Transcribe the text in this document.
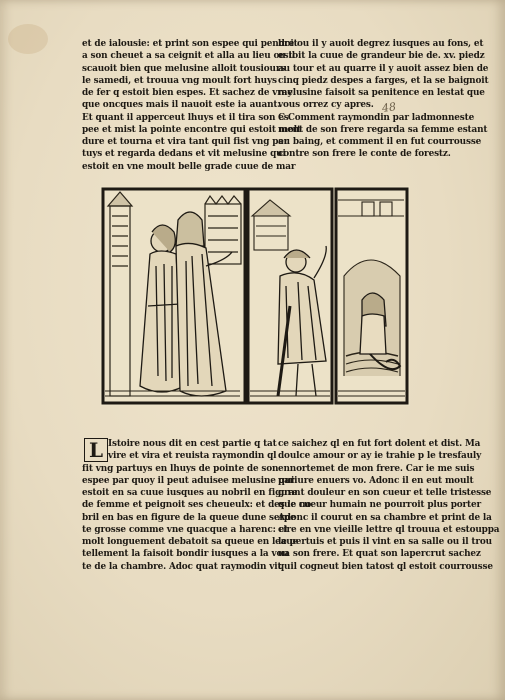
et de ialousie: et print son espee qui pendoit
a son cheuet a sa ceignit et alla au lieu ou il
scauoit bien que melusine alloit tousiours
le samedi, et trouua vng moult fort huys
de fer q estoit bien espes. Et sachez de vray
que oncques mais il nauoit este ia auant.
Et quant il apperceut lhuys et il tira son es
pee et mist la pointe encontre qui estoit molt
dure et tourna et vira tant quil fist vng per
tuys et regarda dedans et vit melusine qui
estoit en vne moult belle grade cuue de mar
bre ou il y auoit degrez iusques au fons, et
estoit la cuue de grandeur bie de. xv. piedz
au tour et au quarre il y auoit assez bien de
cinq piedz despes a farges, et la se baignoit
melusine faisoit sa penitence en lestat que
vous orrez cy apres.
C Comment raymondin par ladmonneste
ment de son frere regarda sa femme estant
au baing, et comment il en fut courrousse
contre son frere le conte de forestz.
48
L Istoire nous dit en cest partie q tat
vire et vira et reuista raymondin ql
fit vng partuys en lhuys de pointe de son
espee par quoy il peut aduisee melusine qui
estoit en sa cuue iusques au nobril en figure
de femme et peignoit ses cheueulx: et des le no
bril en bas en figure de la queue dune serpe
te grosse comme vne quacque a harenc: et
molt longuement debatoit sa queue en leaue
tellement la faisoit bondir iusques a la vou
te de la chambre. Adoc quat raymodin vit
ce saichez ql en fut fort dolent et dist. Ma
doulce amour or ay ie trahie p le tresfauly
ennortemet de mon frere. Car ie me suis
pariure enuers vo. Adonc il en eut moult
grant douleur en son cueur et telle tristesse
que cueur humain ne pourroit plus porter
Adonc il courut en sa chambre et print de la
cire en vne vieille lettre ql trouua et estouppa
le pertuis et puis il vint en sa salle ou il trou
ua son frere. Et quat son lapercrut sachez
quil cogneut bien tatost ql estoit courrousse
